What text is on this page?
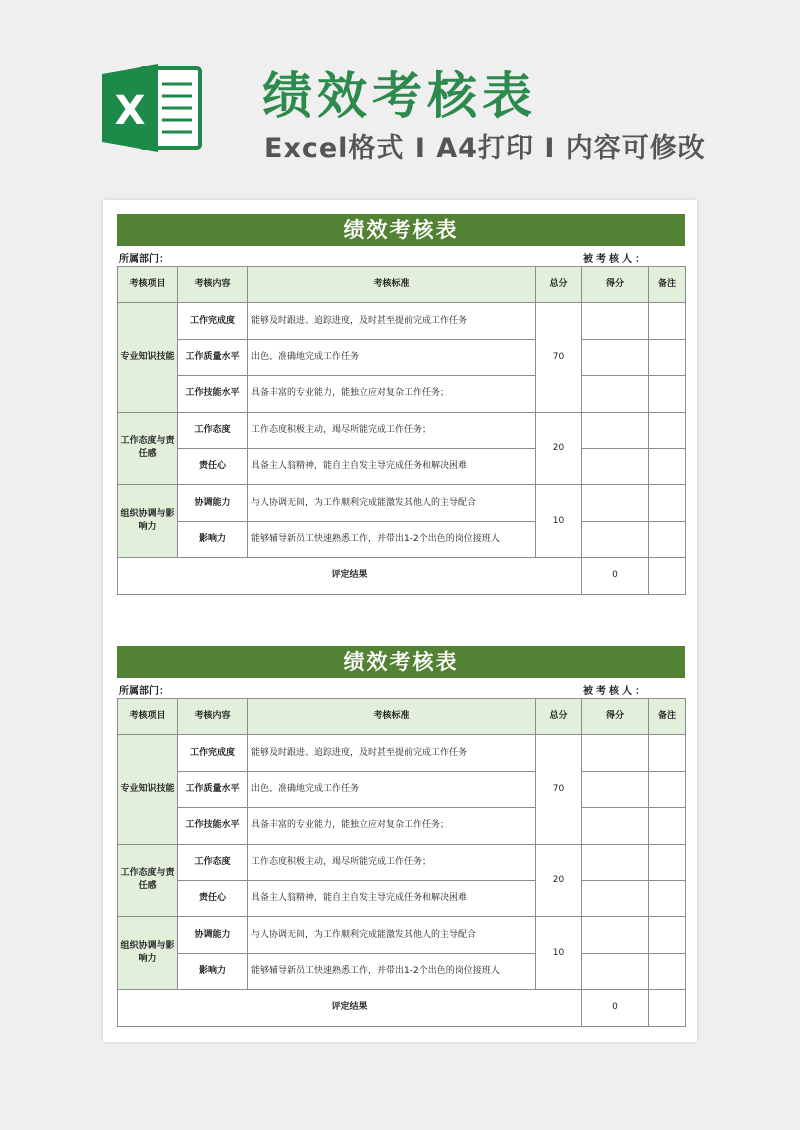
X 绩效考核表
Excel格式 I A4打印 I 内容可修改
绩效考核表
所属部门：	被考核人：
考核项目	考核内容	考核标准	总分	得分	备注
专业知识技能	工作完成度	能够及时跟进、追踪进度，及时甚至提前完成工作任务	70		
	工作质量水平	出色、准确地完成工作任务			
	工作技能水平	具备丰富的专业能力，能独立应对复杂工作任务；			
工作态度与责任感	工作态度	工作态度积极主动，竭尽所能完成工作任务；	20		
	责任心	具备主人翁精神，能自主自发主导完成任务和解决困难			
组织协调与影响力	协调能力	与人协调无间，为工作顺利完成能激发其他人的主导配合	10		
	影响力	能够辅导新员工快速熟悉工作，并带出1-2个出色的岗位接班人			
评定结果				0	
绩效考核表
所属部门：	被考核人：
考核项目	考核内容	考核标准	总分	得分	备注
专业知识技能	工作完成度	能够及时跟进、追踪进度，及时甚至提前完成工作任务	70		
	工作质量水平	出色、准确地完成工作任务			
	工作技能水平	具备丰富的专业能力，能独立应对复杂工作任务；			
工作态度与责任感	工作态度	工作态度积极主动，竭尽所能完成工作任务；	20		
	责任心	具备主人翁精神，能自主自发主导完成任务和解决困难			
组织协调与影响力	协调能力	与人协调无间，为工作顺利完成能激发其他人的主导配合	10		
	影响力	能够辅导新员工快速熟悉工作，并带出1-2个出色的岗位接班人			
评定结果				0	
